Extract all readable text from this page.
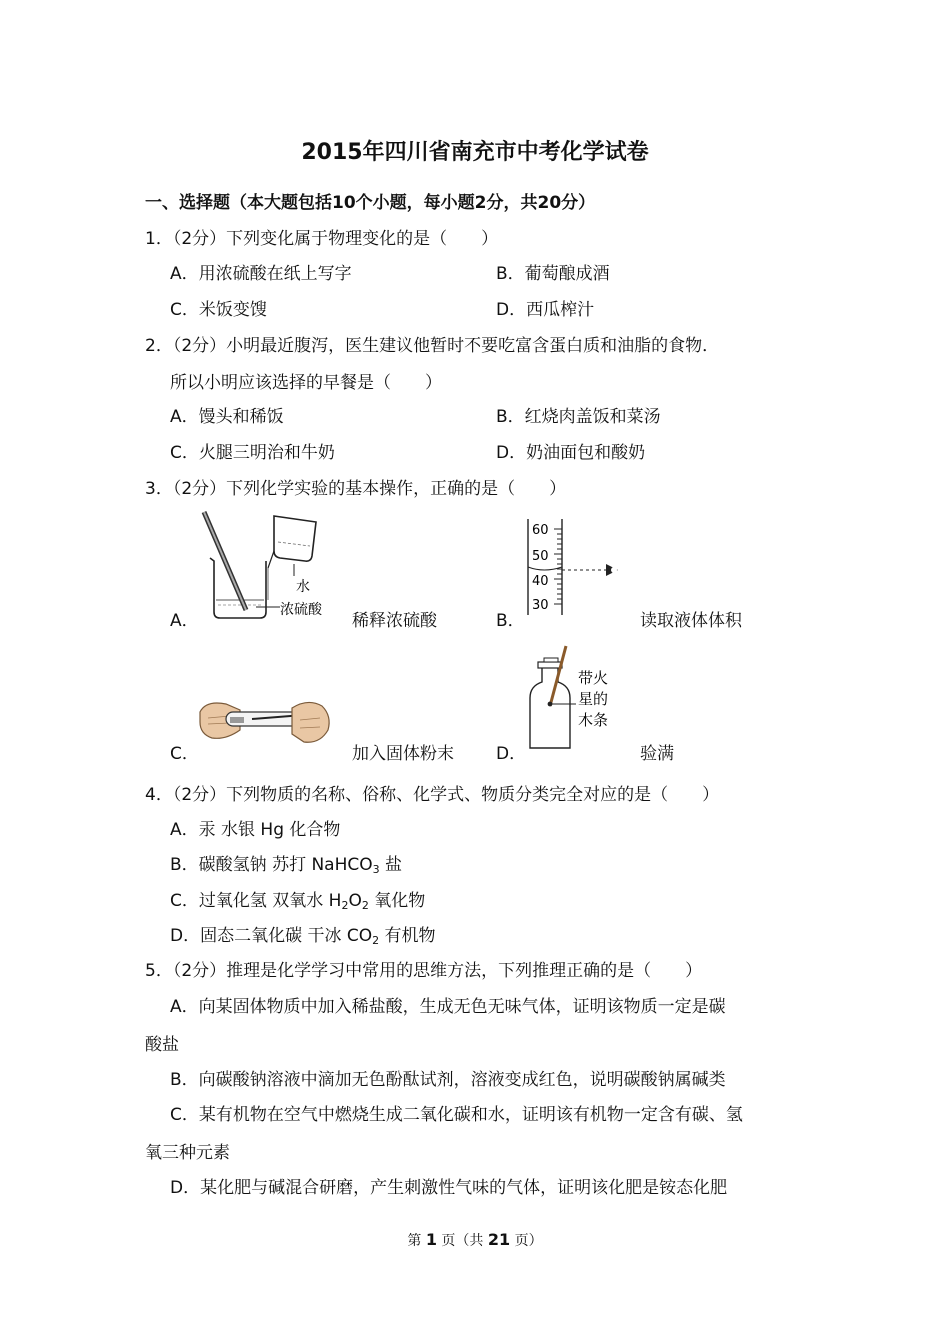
2015年四川省南充市中考化学试卷
一、选择题（本大题包括10个小题，每小题2分，共20分）
1．（2分）下列变化属于物理变化的是（　　）
A．用浓硫酸在纸上写字	B．葡萄酿成酒
C．米饭变馊	D．西瓜榨汁
2．（2分）小明最近腹泻，医生建议他暂时不要吃富含蛋白质和油脂的食物．
所以小明应该选择的早餐是（　　）
A．馒头和稀饭	B．红烧肉盖饭和菜汤
C．火腿三明治和牛奶	D．奶油面包和酸奶
3．（2分）下列化学实验的基本操作，正确的是（　　）
A．
水
浓硫酸
稀释浓硫酸	B．
60
50
40
30
读取液体体积
C．	加入固体粉末 D．
带火
星的
木条
验满
4．（2分）下列物质的名称、俗称、化学式、物质分类完全对应的是（　　）
A．汞 水银 Hg 化合物
B．碳酸氢钠 苏打 NaHCO$_3$ 盐
C．过氧化氢 双氧水 $H_2O_2$ 氧化物
D．固态二氧化碳 干冰 $CO_2$ 有机物
5．（2分）推理是化学学习中常用的思维方法，下列推理正确的是（　　）
A．向某固体物质中加入稀盐酸，生成无色无味气体，证明该物质一定是碳
酸盐
B．向碳酸钠溶液中滴加无色酚酞试剂，溶液变成红色，说明碳酸钠属碱类
C．某有机物在空气中燃烧生成二氧化碳和水，证明该有机物一定含有碳、氢
氧三种元素
D．某化肥与碱混合研磨，产生刺激性气味的气体，证明该化肥是铵态化肥
第 1 页（共 21 页）
